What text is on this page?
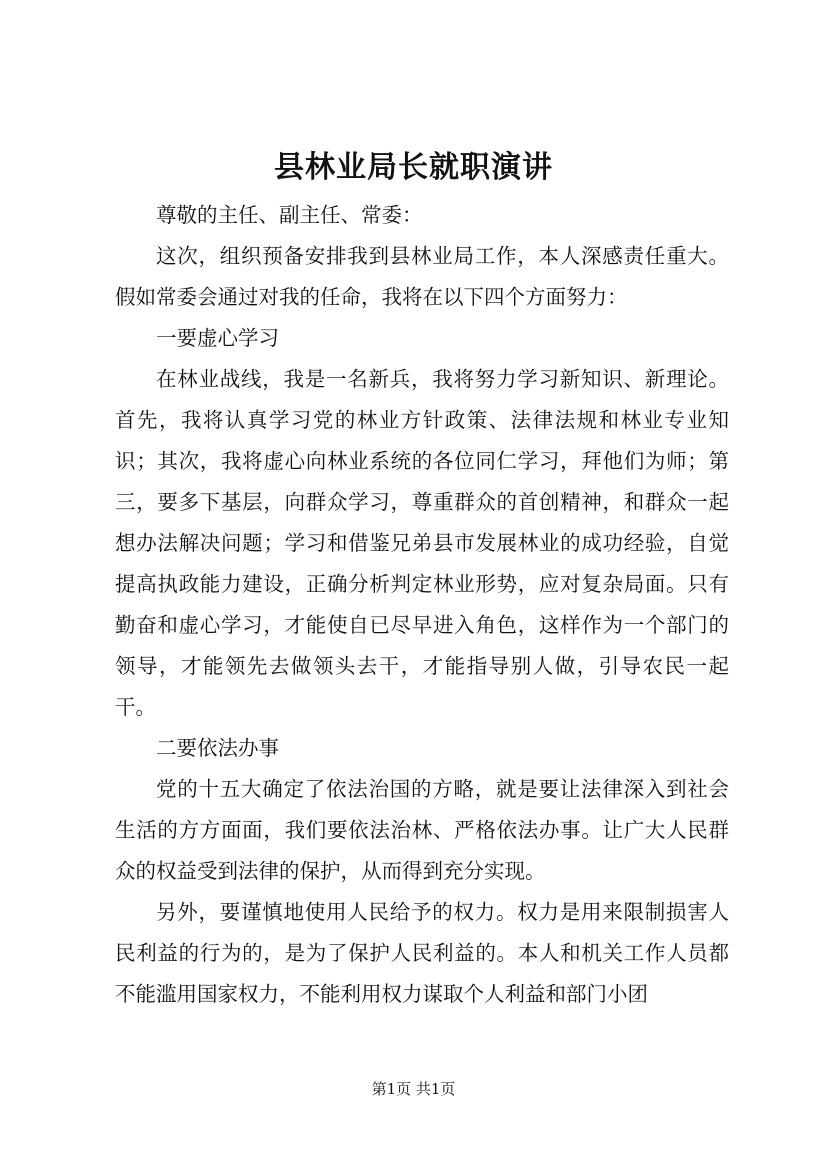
县林业局长就职演讲

尊敬的主任、副主任、常委：

这次，组织预备安排我到县林业局工作，本人深感责任重大。假如常委会通过对我的任命，我将在以下四个方面努力：

一要虚心学习

在林业战线，我是一名新兵，我将努力学习新知识、新理论。首先，我将认真学习党的林业方针政策、法律法规和林业专业知识；其次，我将虚心向林业系统的各位同仁学习，拜他们为师；第三，要多下基层，向群众学习，尊重群众的首创精神，和群众一起想办法解决问题；学习和借鉴兄弟县市发展林业的成功经验，自觉提高执政能力建设，正确分析判定林业形势，应对复杂局面。只有勤奋和虚心学习，才能使自已尽早进入角色，这样作为一个部门的领导，才能领先去做领头去干，才能指导别人做，引导农民一起干。

二要依法办事

党的十五大确定了依法治国的方略，就是要让法律深入到社会生活的方方面面，我们要依法治林、严格依法办事。让广大人民群众的权益受到法律的保护，从而得到充分实现。

另外，要谨慎地使用人民给予的权力。权力是用来限制损害人民利益的行为的，是为了保护人民利益的。本人和机关工作人员都不能滥用国家权力，不能利用权力谋取个人利益和部门小团

第1页 共1页
